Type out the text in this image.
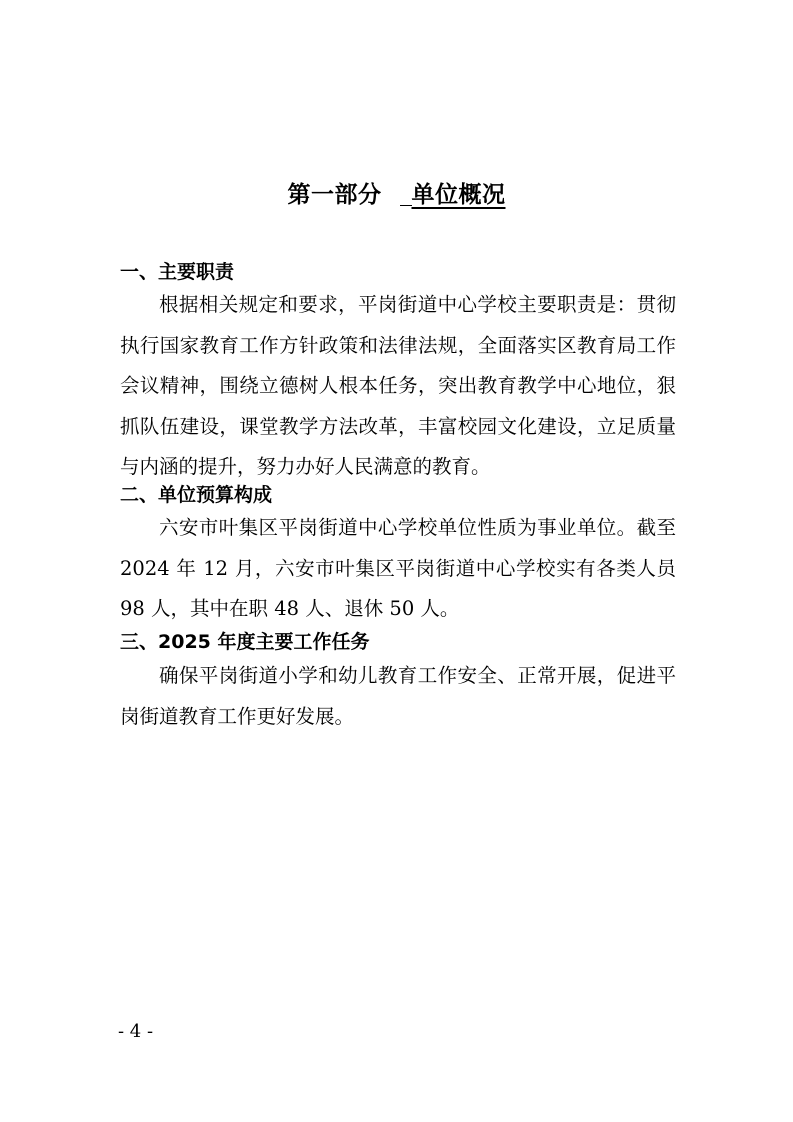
第一部分 单位概况
一、主要职责
根据相关规定和要求，平岗街道中心学校主要职责是：贯彻执行国家教育工作方针政策和法律法规，全面落实区教育局工作会议精神，围绕立德树人根本任务，突出教育教学中心地位，狠抓队伍建设，课堂教学方法改革，丰富校园文化建设，立足质量与内涵的提升，努力办好人民满意的教育。
二、单位预算构成
六安市叶集区平岗街道中心学校单位性质为事业单位。截至 2024 年 12 月，六安市叶集区平岗街道中心学校实有各类人员 98 人，其中在职 48 人、退休 50 人。
三、2025 年度主要工作任务
确保平岗街道小学和幼儿教育工作安全、正常开展，促进平岗街道教育工作更好发展。
- 4 -
